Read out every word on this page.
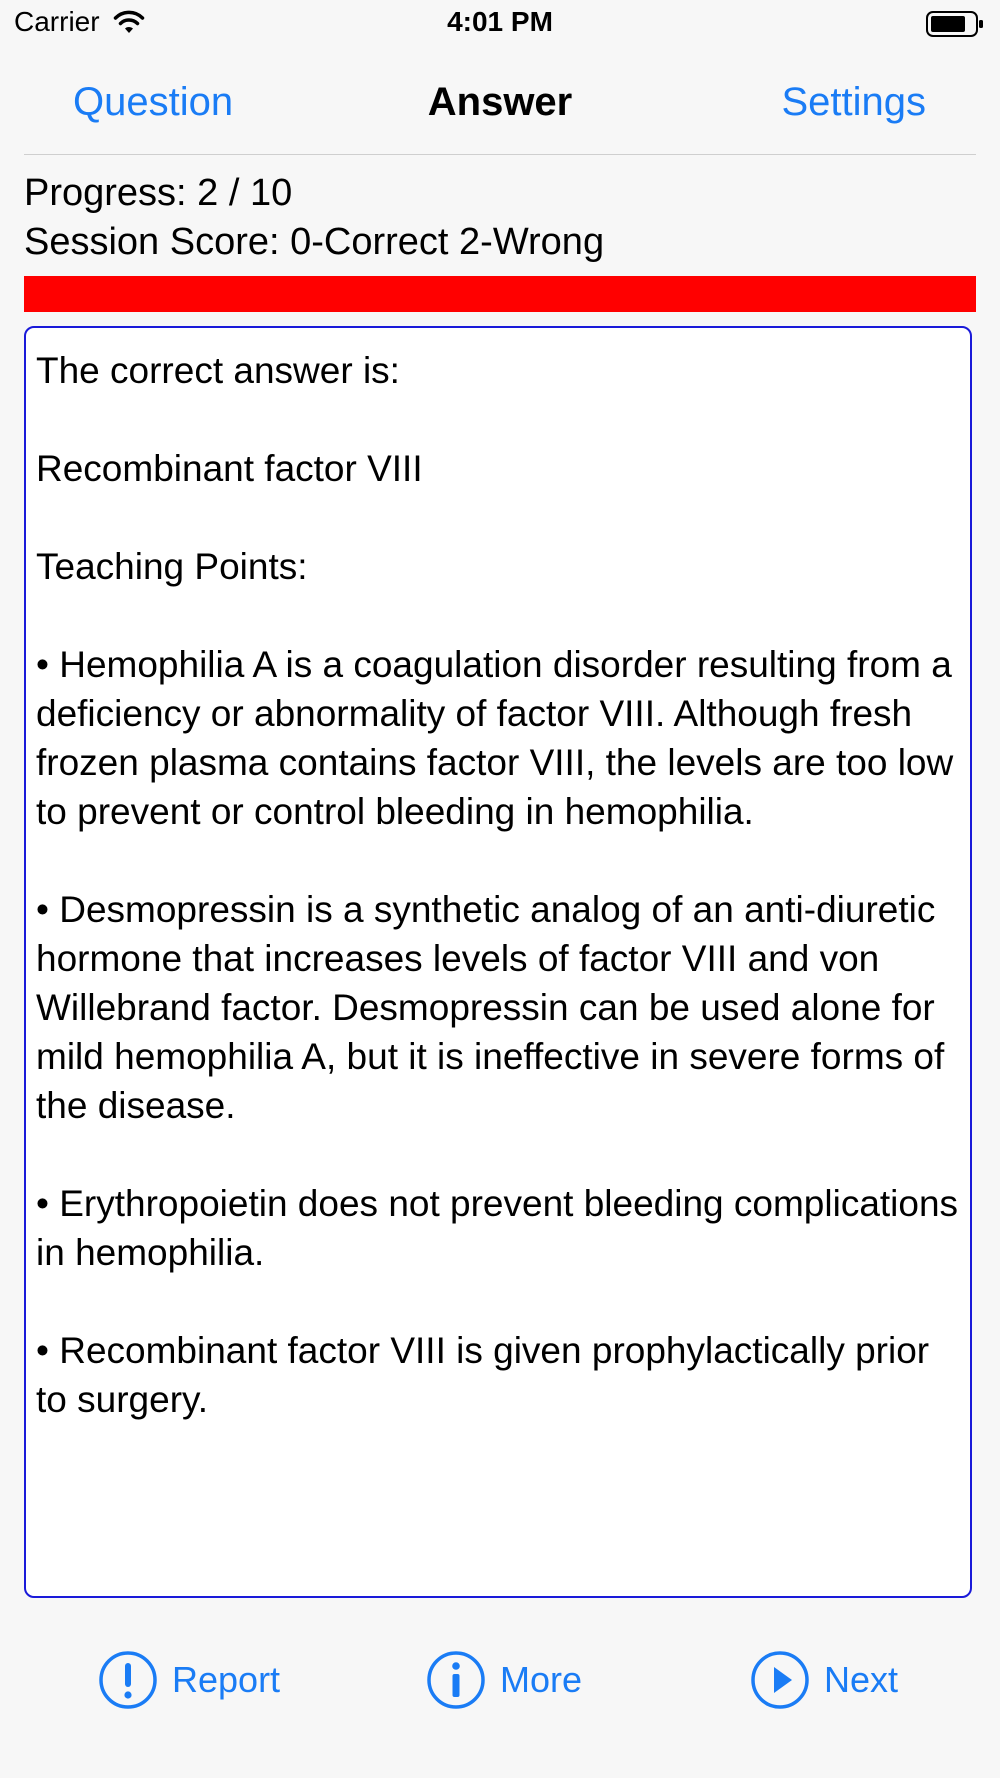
Carrier	4:01 PM
Answer
Question	Settings
Progress: 2 / 10
Session Score: 0-Correct 2-Wrong

The correct answer is:

Recombinant factor VIII

Teaching Points:

• Hemophilia A is a coagulation disorder resulting from a deficiency or abnormality of factor VIII. Although fresh frozen plasma contains factor VIII, the levels are too low to prevent or control bleeding in hemophilia.

• Desmopressin is a synthetic analog of an anti-diuretic hormone that increases levels of factor VIII and von Willebrand factor. Desmopressin can be used alone for mild hemophilia A, but it is ineffective in severe forms of the disease.

• Erythropoietin does not prevent bleeding complications in hemophilia.

• Recombinant factor VIII is given prophylactically prior to surgery.

Report	More	Next
